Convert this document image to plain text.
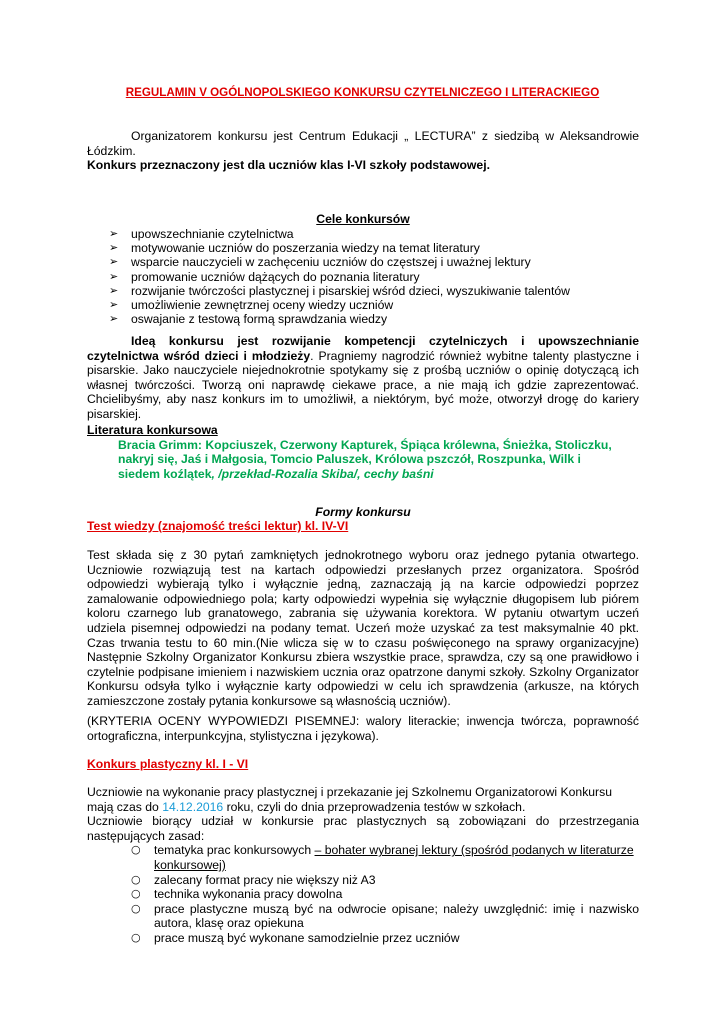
REGULAMIN V OGÓLNOPOLSKIEGO KONKURSU CZYTELNICZEGO I LITERACKIEGO

Organizatorem konkursu jest Centrum Edukacji „ LECTURA” z siedzibą w Aleksandrowie Łódzkim.

Konkurs przeznaczony jest dla uczniów klas I-VI szkoły podstawowej.

Cele konkursów
➢ upowszechnianie czytelnictwa
➢ motywowanie uczniów do poszerzania wiedzy na temat literatury
➢ wsparcie nauczycieli w zachęceniu uczniów do częstszej i uważnej lektury
➢ promowanie uczniów dążących do poznania literatury
➢ rozwijanie twórczości plastycznej i pisarskiej wśród dzieci, wyszukiwanie talentów
➢ umożliwienie zewnętrznej oceny wiedzy uczniów
➢ oswajanie z testową formą sprawdzania wiedzy
Ideą konkursu jest rozwijanie kompetencji czytelniczych i upowszechnianie czytelnictwa wśród dzieci i młodzieży. Pragniemy nagrodzić również wybitne talenty plastyczne i pisarskie. Jako nauczyciele niejednokrotnie spotykamy się z prośbą uczniów o opinię dotyczącą ich własnej twórczości. Tworzą oni naprawdę ciekawe prace, a nie mają ich gdzie zaprezentować. Chcielibyśmy, aby nasz konkurs im to umożliwił, a niektórym, być może, otworzył drogę do kariery pisarskiej.

Literatura konkursowa

Bracia Grimm: Kopciuszek, Czerwony Kapturek, Śpiąca królewna, Śnieżka, Stoliczku, nakryj się, Jaś i Małgosia, Tomcio Paluszek, Królowa pszczół, Roszpunka, Wilk i siedem koźlątek, /przekład-Rozalia Skiba/, cechy baśni

Formy konkursu
Test wiedzy (znajomość treści lektur) kl. IV-VI
Test składa się z 30 pytań zamkniętych jednokrotnego wyboru oraz jednego pytania otwartego. Uczniowie rozwiązują test na kartach odpowiedzi przesłanych przez organizatora. Spośród odpowiedzi wybierają tylko i wyłącznie jedną, zaznaczają ją na karcie odpowiedzi poprzez zamalowanie odpowiedniego pola; karty odpowiedzi wypełnia się wyłącznie długopisem lub piórem koloru czarnego lub granatowego, zabrania się używania korektora. W pytaniu otwartym uczeń udziela pisemnej odpowiedzi na podany temat. Uczeń może uzyskać za test maksymalnie 40 pkt. Czas trwania testu to 60 min.(Nie wlicza się w to czasu poświęconego na sprawy organizacyjne) Następnie Szkolny Organizator Konkursu zbiera wszystkie prace, sprawdza, czy są one prawidłowo i czytelnie podpisane imieniem i nazwiskiem ucznia oraz opatrzone danymi szkoły. Szkolny Organizator Konkursu odsyła tylko i wyłącznie karty odpowiedzi w celu ich sprawdzenia (arkusze, na których zamieszczone zostały pytania konkursowe są własnością uczniów).
(KRYTERIA OCENY WYPOWIEDZI PISEMNEJ: walory literackie; inwencja twórcza, poprawność ortograficzna, interpunkcyjna, stylistyczna i językowa).
Konkurs plastyczny kl. I - VI

Uczniowie na wykonanie pracy plastycznej i przekazanie jej Szkolnemu Organizatorowi Konkursu mają czas do 14.12.2016 roku, czyli do dnia przeprowadzenia testów w szkołach.

Uczniowie biorący udział w konkursie prac plastycznych są zobowiązani do przestrzegania następujących zasad:

○ tematyka prac konkursowych – bohater wybranej lektury (spośród podanych w literaturze konkursowej)
○ zalecany format pracy nie większy niż A3
○ technika wykonania pracy dowolna
○ prace plastyczne muszą być na odwrocie opisane; należy uwzględnić: imię i nazwisko autora, klasę oraz opiekuna
○ prace muszą być wykonane samodzielnie przez uczniów
